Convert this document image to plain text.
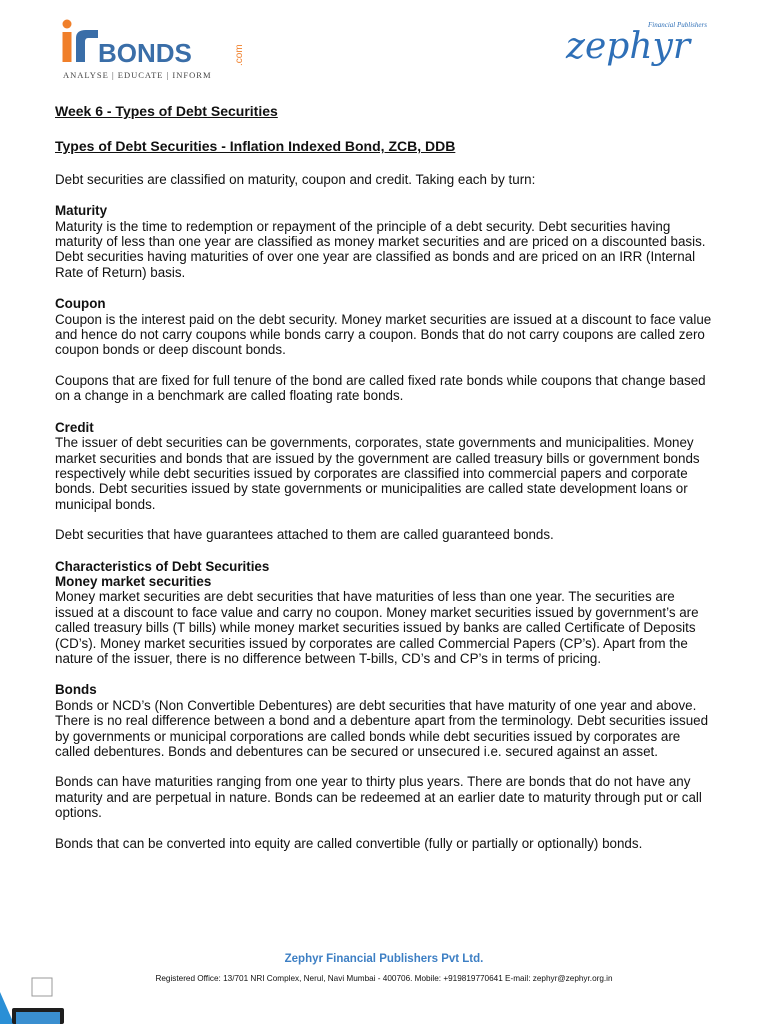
BONDS	.com
ANALYSE | EDUCATE | INFORM
Financial Publishers
zephyr

Week 6 - Types of Debt Securities

Types of Debt Securities - Inflation Indexed Bond, ZCB, DDB

Debt securities are classified on maturity, coupon and credit. Taking each by turn:

Maturity

Maturity is the time to redemption or repayment of the principle of a debt security. Debt securities having maturity of less than one year are classified as money market securities and are priced on a discounted basis. Debt securities having maturities of over one year are classified as bonds and are priced on an IRR (Internal Rate of Return) basis.

Coupon

Coupon is the interest paid on the debt security. Money market securities are issued at a discount to face value and hence do not carry coupons while bonds carry a coupon. Bonds that do not carry coupons are called zero coupon bonds or deep discount bonds.

Coupons that are fixed for full tenure of the bond are called fixed rate bonds while coupons that change based on a change in a benchmark are called floating rate bonds.

Credit

The issuer of debt securities can be governments, corporates, state governments and municipalities. Money market securities and bonds that are issued by the government are called treasury bills or government bonds respectively while debt securities issued by corporates are classified into commercial papers and corporate bonds. Debt securities issued by state governments or municipalities are called state development loans or municipal bonds.

Debt securities that have guarantees attached to them are called guaranteed bonds.

Characteristics of Debt Securities
Money market securities

Money market securities are debt securities that have maturities of less than one year. The securities are issued at a discount to face value and carry no coupon. Money market securities issued by government’s are called treasury bills (T bills) while money market securities issued by banks are called Certificate of Deposits (CD’s). Money market securities issued by corporates are called Commercial Papers (CP’s). Apart from the nature of the issuer, there is no difference between T-bills, CD’s and CP’s in terms of pricing.

Bonds

Bonds or NCD’s (Non Convertible Debentures) are debt securities that have maturity of one year and above. There is no real difference between a bond and a debenture apart from the terminology. Debt securities issued by governments or municipal corporations are called bonds while debt securities issued by corporates are called debentures. Bonds and debentures can be secured or unsecured i.e. secured against an asset.

Bonds can have maturities ranging from one year to thirty plus years. There are bonds that do not have any maturity and are perpetual in nature. Bonds can be redeemed at an earlier date to maturity through put or call options.

Bonds that can be converted into equity are called convertible (fully or partially or optionally) bonds.

Zephyr Financial Publishers Pvt Ltd.
Registered Office: 13/701 NRI Complex, Nerul, Navi Mumbai - 400706. Mobile: +919819770641 E-mail: zephyr@zephyr.org.in
